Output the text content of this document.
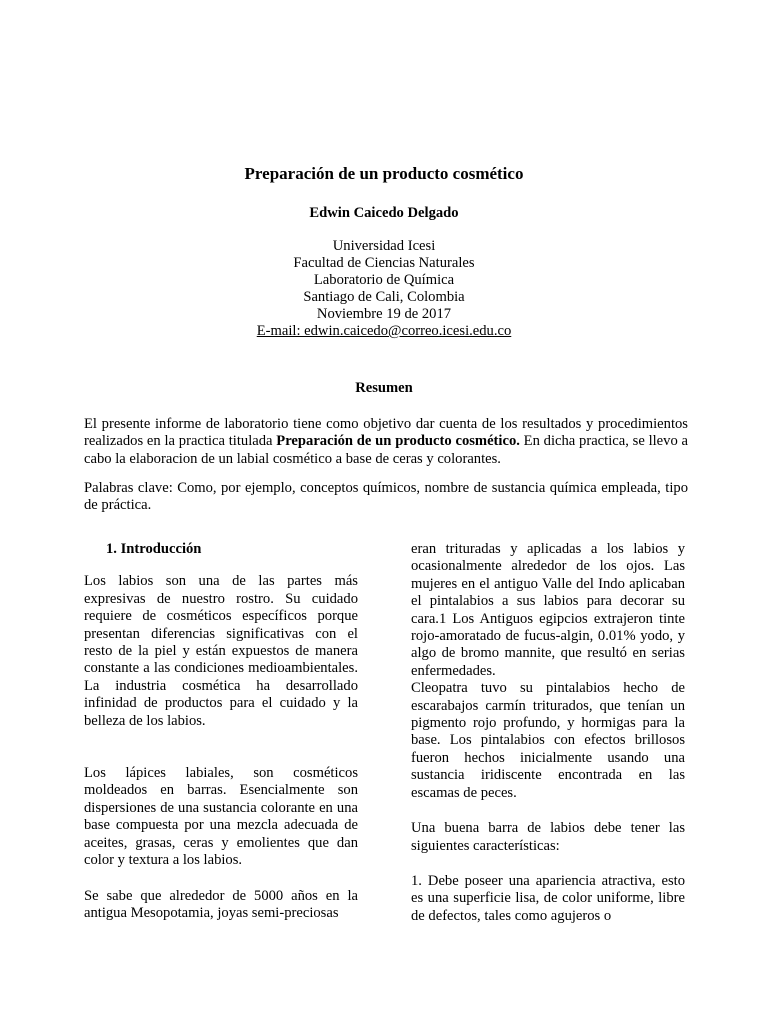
Preparación de un producto cosmético
Edwin Caicedo Delgado
Universidad Icesi
Facultad de Ciencias Naturales
Laboratorio de Química
Santiago de Cali, Colombia
Noviembre 19 de 2017
E-mail: edwin.caicedo@correo.icesi.edu.co
Resumen
El presente informe de laboratorio tiene como objetivo dar cuenta de los resultados y procedimientos realizados en la practica titulada Preparación de un producto cosmético. En dicha practica, se llevo a cabo la elaboracion de un labial cosmético a base de ceras y colorantes.
Palabras clave: Como, por ejemplo, conceptos químicos, nombre de sustancia química empleada, tipo de práctica.

1. Introducción

Los labios son una de las partes más expresivas de nuestro rostro. Su cuidado requiere de cosméticos específicos porque presentan diferencias significativas con el resto de la piel y están expuestos de manera constante a las condiciones medioambientales. La industria cosmética ha desarrollado infinidad de productos para el cuidado y la belleza de los labios.

Los lápices labiales, son cosméticos moldeados en barras. Esencialmente son dispersiones de una sustancia colorante en una base compuesta por una mezcla adecuada de aceites, grasas, ceras y emolientes que dan color y textura a los labios.

Se sabe que alrededor de 5000 años en la antigua Mesopotamia, joyas semi-preciosas

eran trituradas y aplicadas a los labios y ocasionalmente alrededor de los ojos. Las mujeres en el antiguo Valle del Indo aplicaban el pintalabios a sus labios para decorar su cara.1 Los Antiguos egipcios extrajeron tinte rojo-amoratado de fucus-algin, 0.01% yodo, y algo de bromo mannite, que resultó en serias enfermedades.

Cleopatra tuvo su pintalabios hecho de escarabajos carmín triturados, que tenían un pigmento rojo profundo, y hormigas para la base. Los pintalabios con efectos brillosos fueron hechos inicialmente usando una sustancia iridiscente encontrada en las escamas de peces.

Una buena barra de labios debe tener las siguientes características:

1. Debe poseer una apariencia atractiva, esto es una superficie lisa, de color uniforme, libre de defectos, tales como agujeros o
